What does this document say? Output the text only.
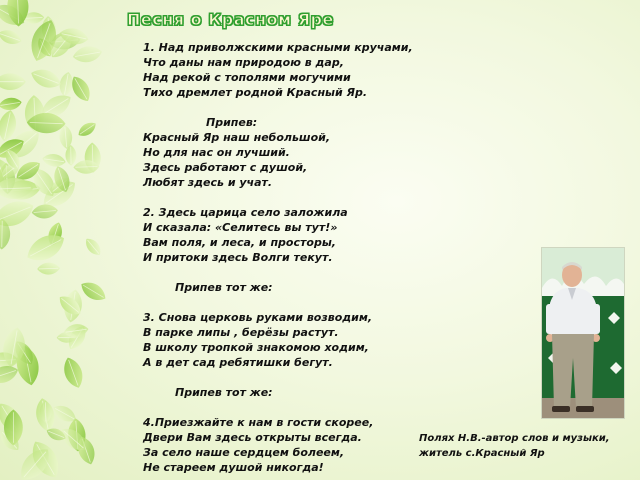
Песня о Красном Яре
1. Над приволжскими красными кручами,
Что даны нам природою в дар,
Над рекой с тополями могучими
Тихо дремлет родной Красный Яр.
Припев:
Красный Яр наш небольшой,
Но для нас он лучший.
Здесь работают с душой,
Любят здесь и учат.
2. Здесь царица село заложила
И сказала: «Селитесь вы тут!»
Вам поля, и леса, и просторы,
И притоки здесь Волги текут.
Припев тот же:
3. Снова церковь руками возводим,
В парке липы , берёзы растут.
В школу тропкой знакомою ходим,
А в дет сад ребятишки бегут.
Припев тот же:
4.Приезжайте к нам в гости скорее,
Двери Вам здесь открыты всегда.
За село наше сердцем болеем,
Не стареем душой никогда!
Полях Н.В.-автор слов и музыки,
житель с.Красный Яр
